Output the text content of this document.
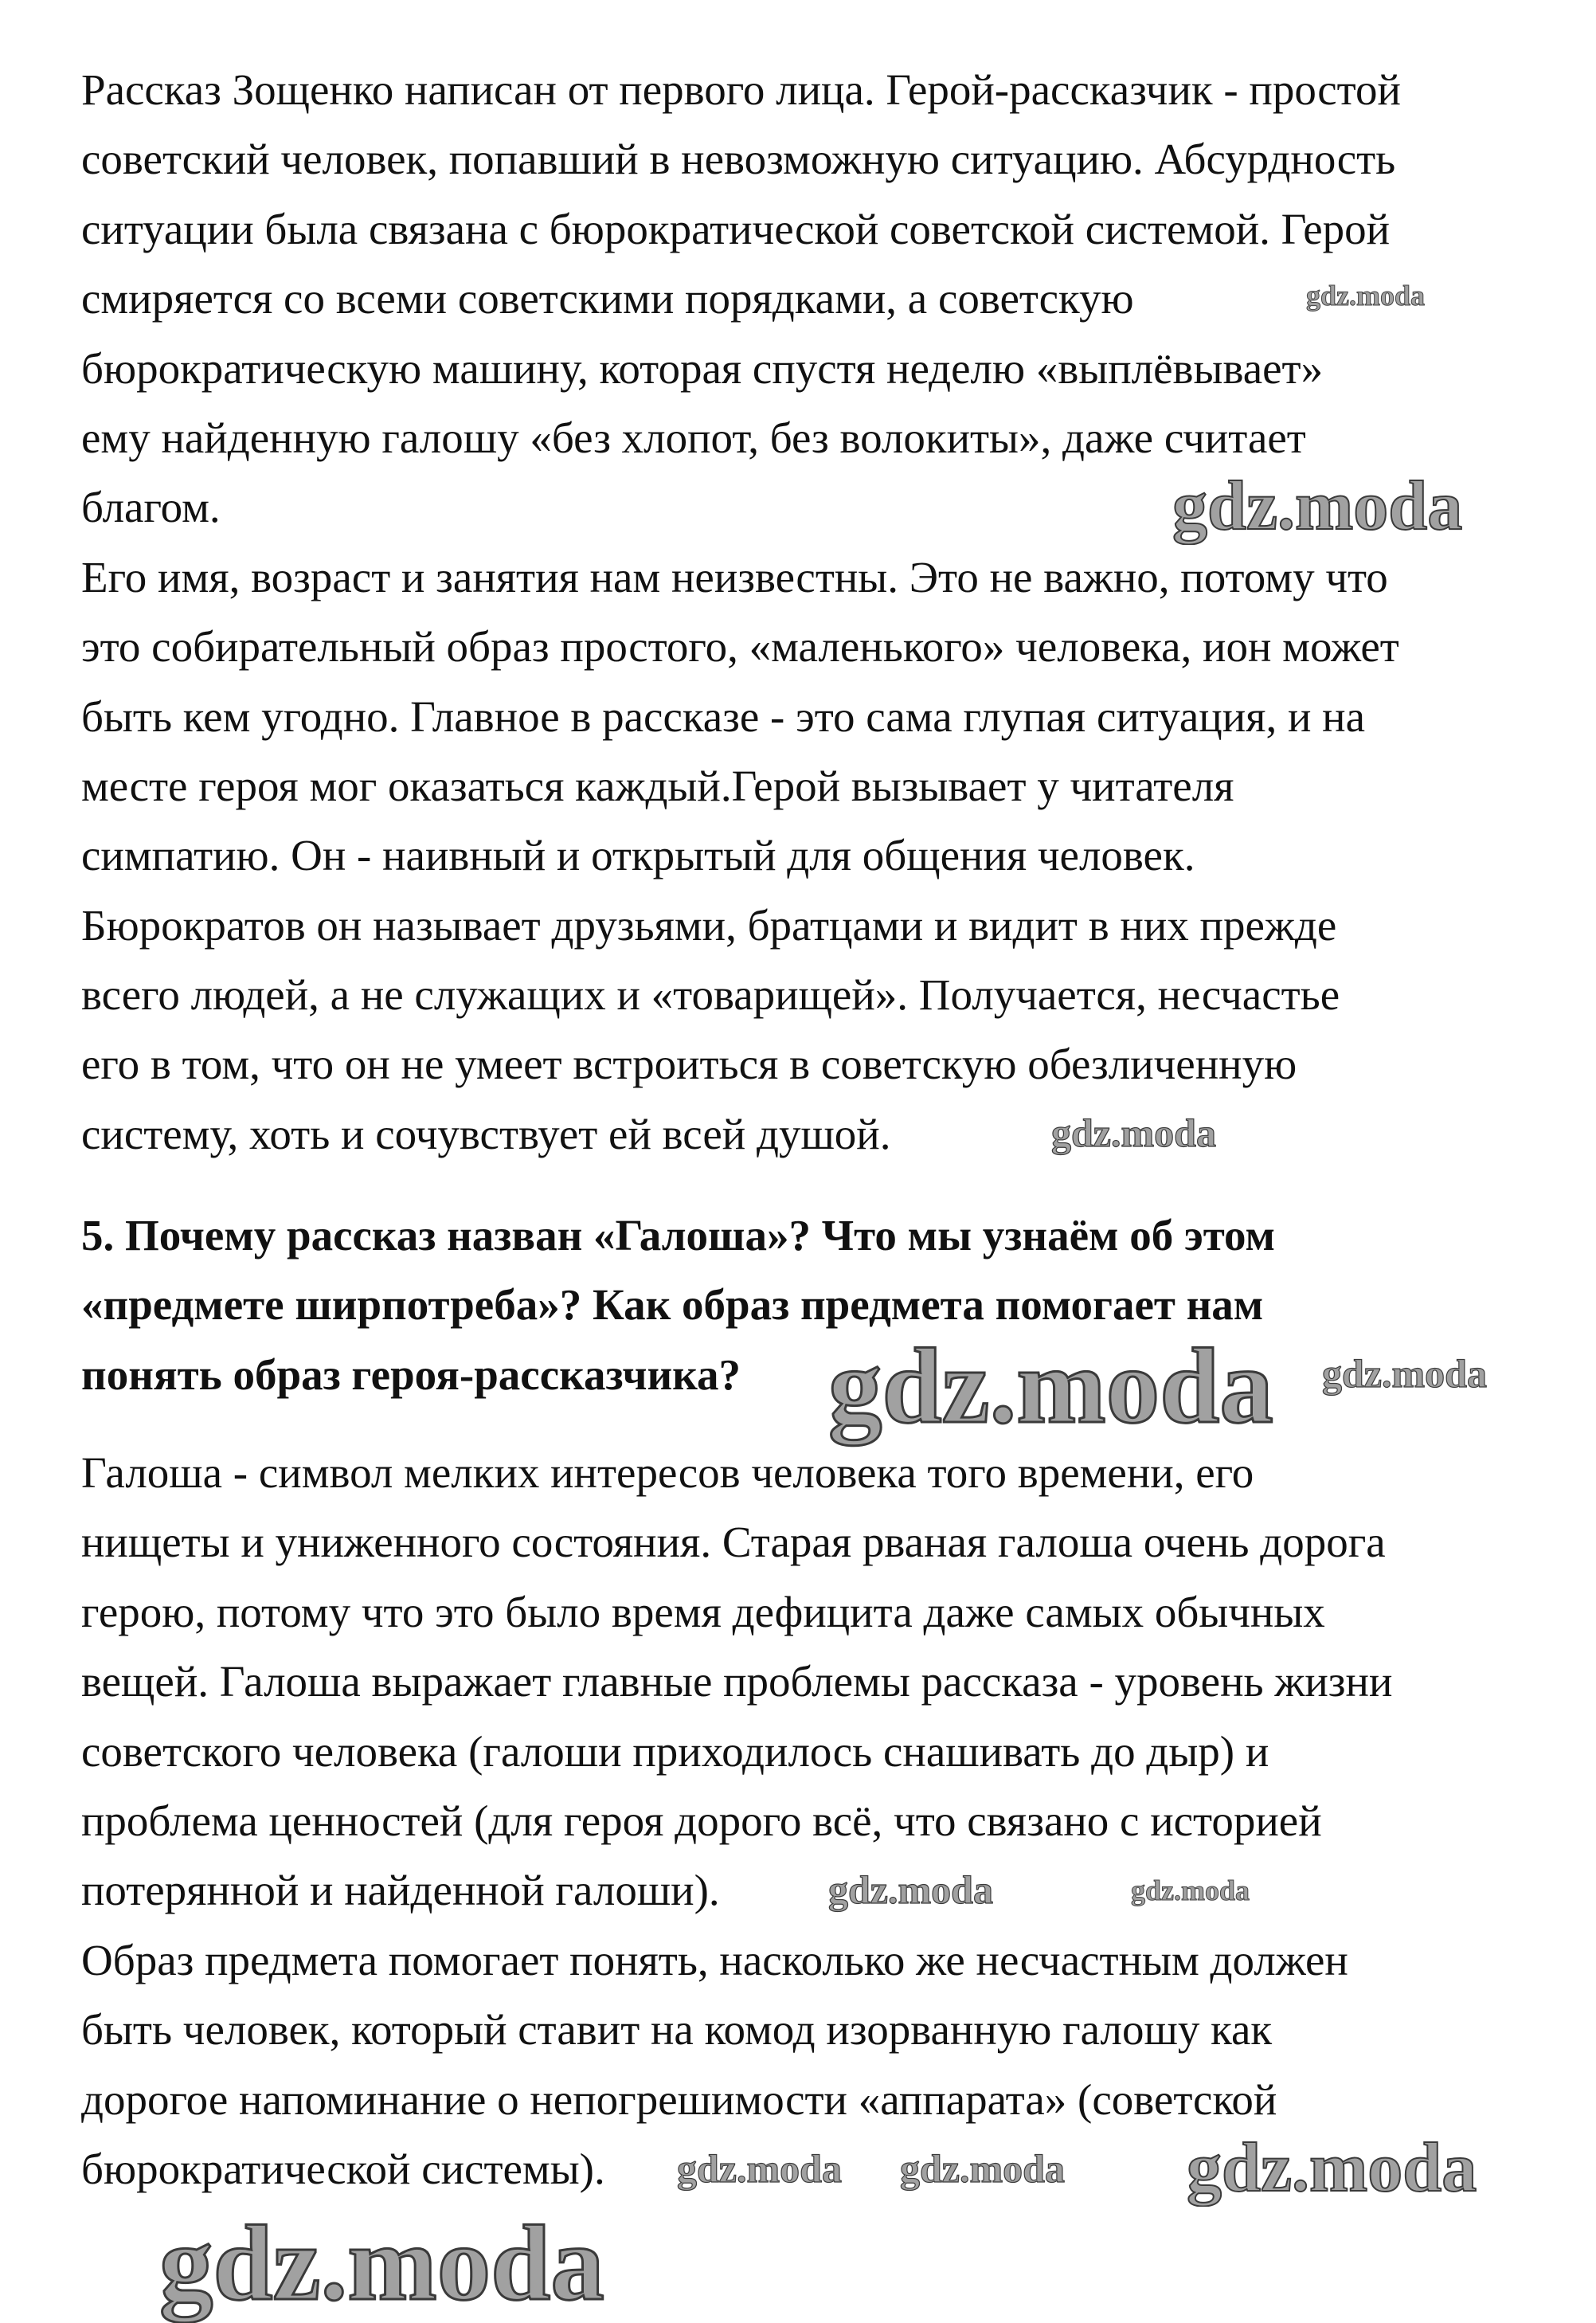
Рассказ Зощенко написан от первого лица. Герой-рассказчик - простой
советский человек, попавший в невозможную ситуацию. Абсурдность
ситуации была связана с бюрократической советской системой. Герой
смиряется со всеми советскими порядками, а советскую
бюрократическую машину, которая спустя неделю «выплёвывает»
ему найденную галошу «без хлопот, без волокиты», даже считает
благом.
Его имя, возраст и занятия нам неизвестны. Это не важно, потому что
это собирательный образ простого, «маленького» человека, ион может
быть кем угодно. Главное в рассказе - это сама глупая ситуация, и на
месте героя мог оказаться каждый.Герой вызывает у читателя
симпатию. Он - наивный и открытый для общения человек.
Бюрократов он называет друзьями, братцами и видит в них прежде
всего людей, а не служащих и «товарищей». Получается, несчастье
его в том, что он не умеет встроиться в советскую обезличенную
систему, хоть и сочувствует ей всей душой.
5. Почему рассказ назван «Галоша»? Что мы узнаём об этом
«предмете ширпотреба»? Как образ предмета помогает нам
понять образ героя-рассказчика?
Галоша - символ мелких интересов человека того времени, его
нищеты и униженного состояния. Старая рваная галоша очень дорога
герою, потому что это было время дефицита даже самых обычных
вещей. Галоша выражает главные проблемы рассказа - уровень жизни
советского человека (галоши приходилось снашивать до дыр) и
проблема ценностей (для героя дорого всё, что связано с историей
потерянной и найденной галоши).
Образ предмета помогает понять, насколько же несчастным должен
быть человек, который ставит на комод изорванную галошу как
дорогое напоминание о непогрешимости «аппарата» (советской
бюрократической системы).
gdz.moda
gdz.moda
gdz.moda
gdz.moda gdz.moda
gdz.moda	gdz.moda
gdz.moda gdz.moda gdz.moda
gdz.moda
